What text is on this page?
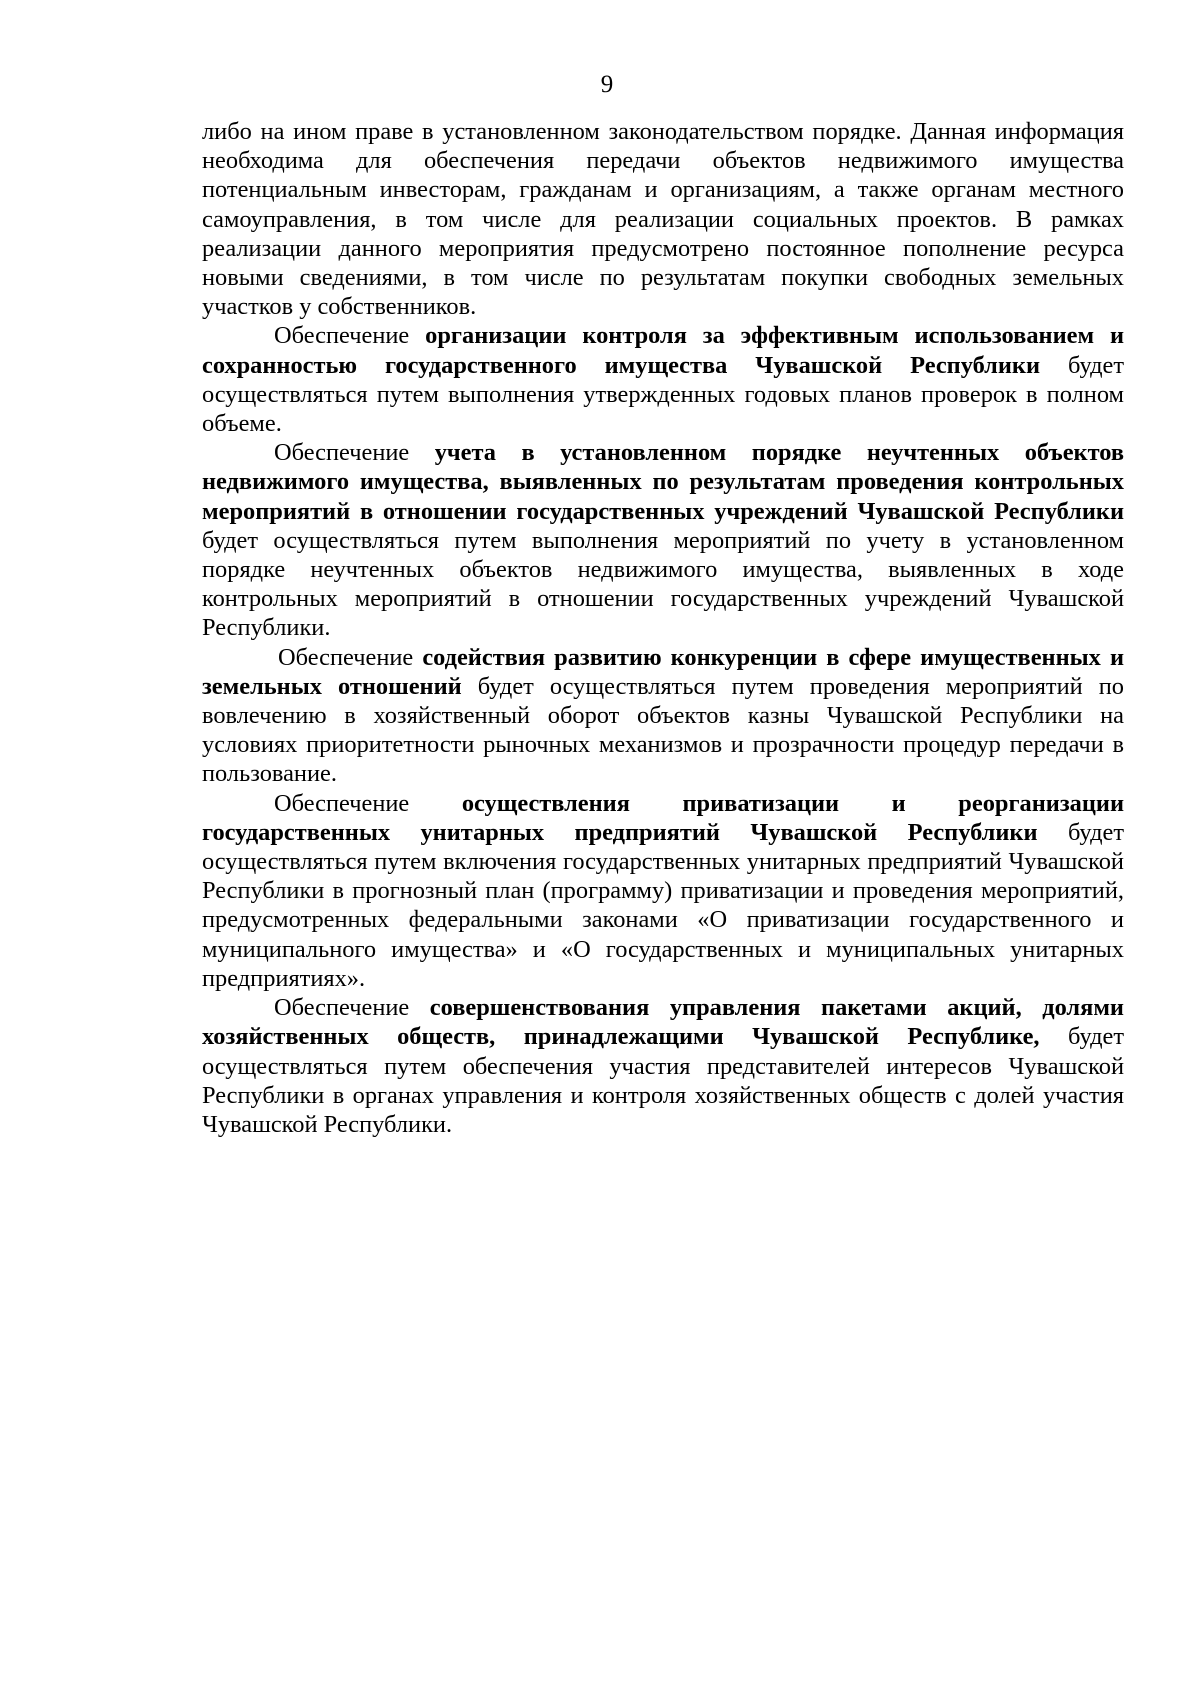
9

либо на ином праве в установленном законодательством порядке. Данная информация необходима для обеспечения передачи объектов недвижимого имущества потенциальным инвесторам, гражданам и организациям, а также органам местного самоуправления, в том числе для реализации социальных проектов. В рамках реализации данного мероприятия предусмотрено постоянное пополнение ресурса новыми сведениями, в том числе по результатам покупки свободных земельных участков у собственников.

Обеспечение организации контроля за эффективным использованием и сохранностью государственного имущества Чувашской Республики будет осуществляться путем выполнения утвержденных годовых планов проверок в полном объеме.

Обеспечение учета в установленном порядке неучтенных объектов недвижимого имущества, выявленных по результатам проведения контрольных мероприятий в отношении государственных учреждений Чувашской Республики будет осуществляться путем выполнения мероприятий по учету в установленном порядке неучтенных объектов недвижимого имущества, выявленных в ходе контрольных мероприятий в отношении государственных учреждений Чувашской Республики.

Обеспечение содействия развитию конкуренции в сфере имущественных и земельных отношений будет осуществляться путем проведения мероприятий по вовлечению в хозяйственный оборот объектов казны Чувашской Республики на условиях приоритетности рыночных механизмов и прозрачности процедур передачи в пользование.

Обеспечение осуществления приватизации и реорганизации государственных унитарных предприятий Чувашской Республики будет осуществляться путем включения государственных унитарных предприятий Чувашской Республики в прогнозный план (программу) приватизации и проведения мероприятий, предусмотренных федеральными законами «О приватизации государственного и муниципального имущества» и «О государственных и муниципальных унитарных предприятиях».

Обеспечение совершенствования управления пакетами акций, долями хозяйственных обществ, принадлежащими Чувашской Республике, будет осуществляться путем обеспечения участия представителей интересов Чувашской Республики в органах управления и контроля хозяйственных обществ с долей участия Чувашской Республики.
